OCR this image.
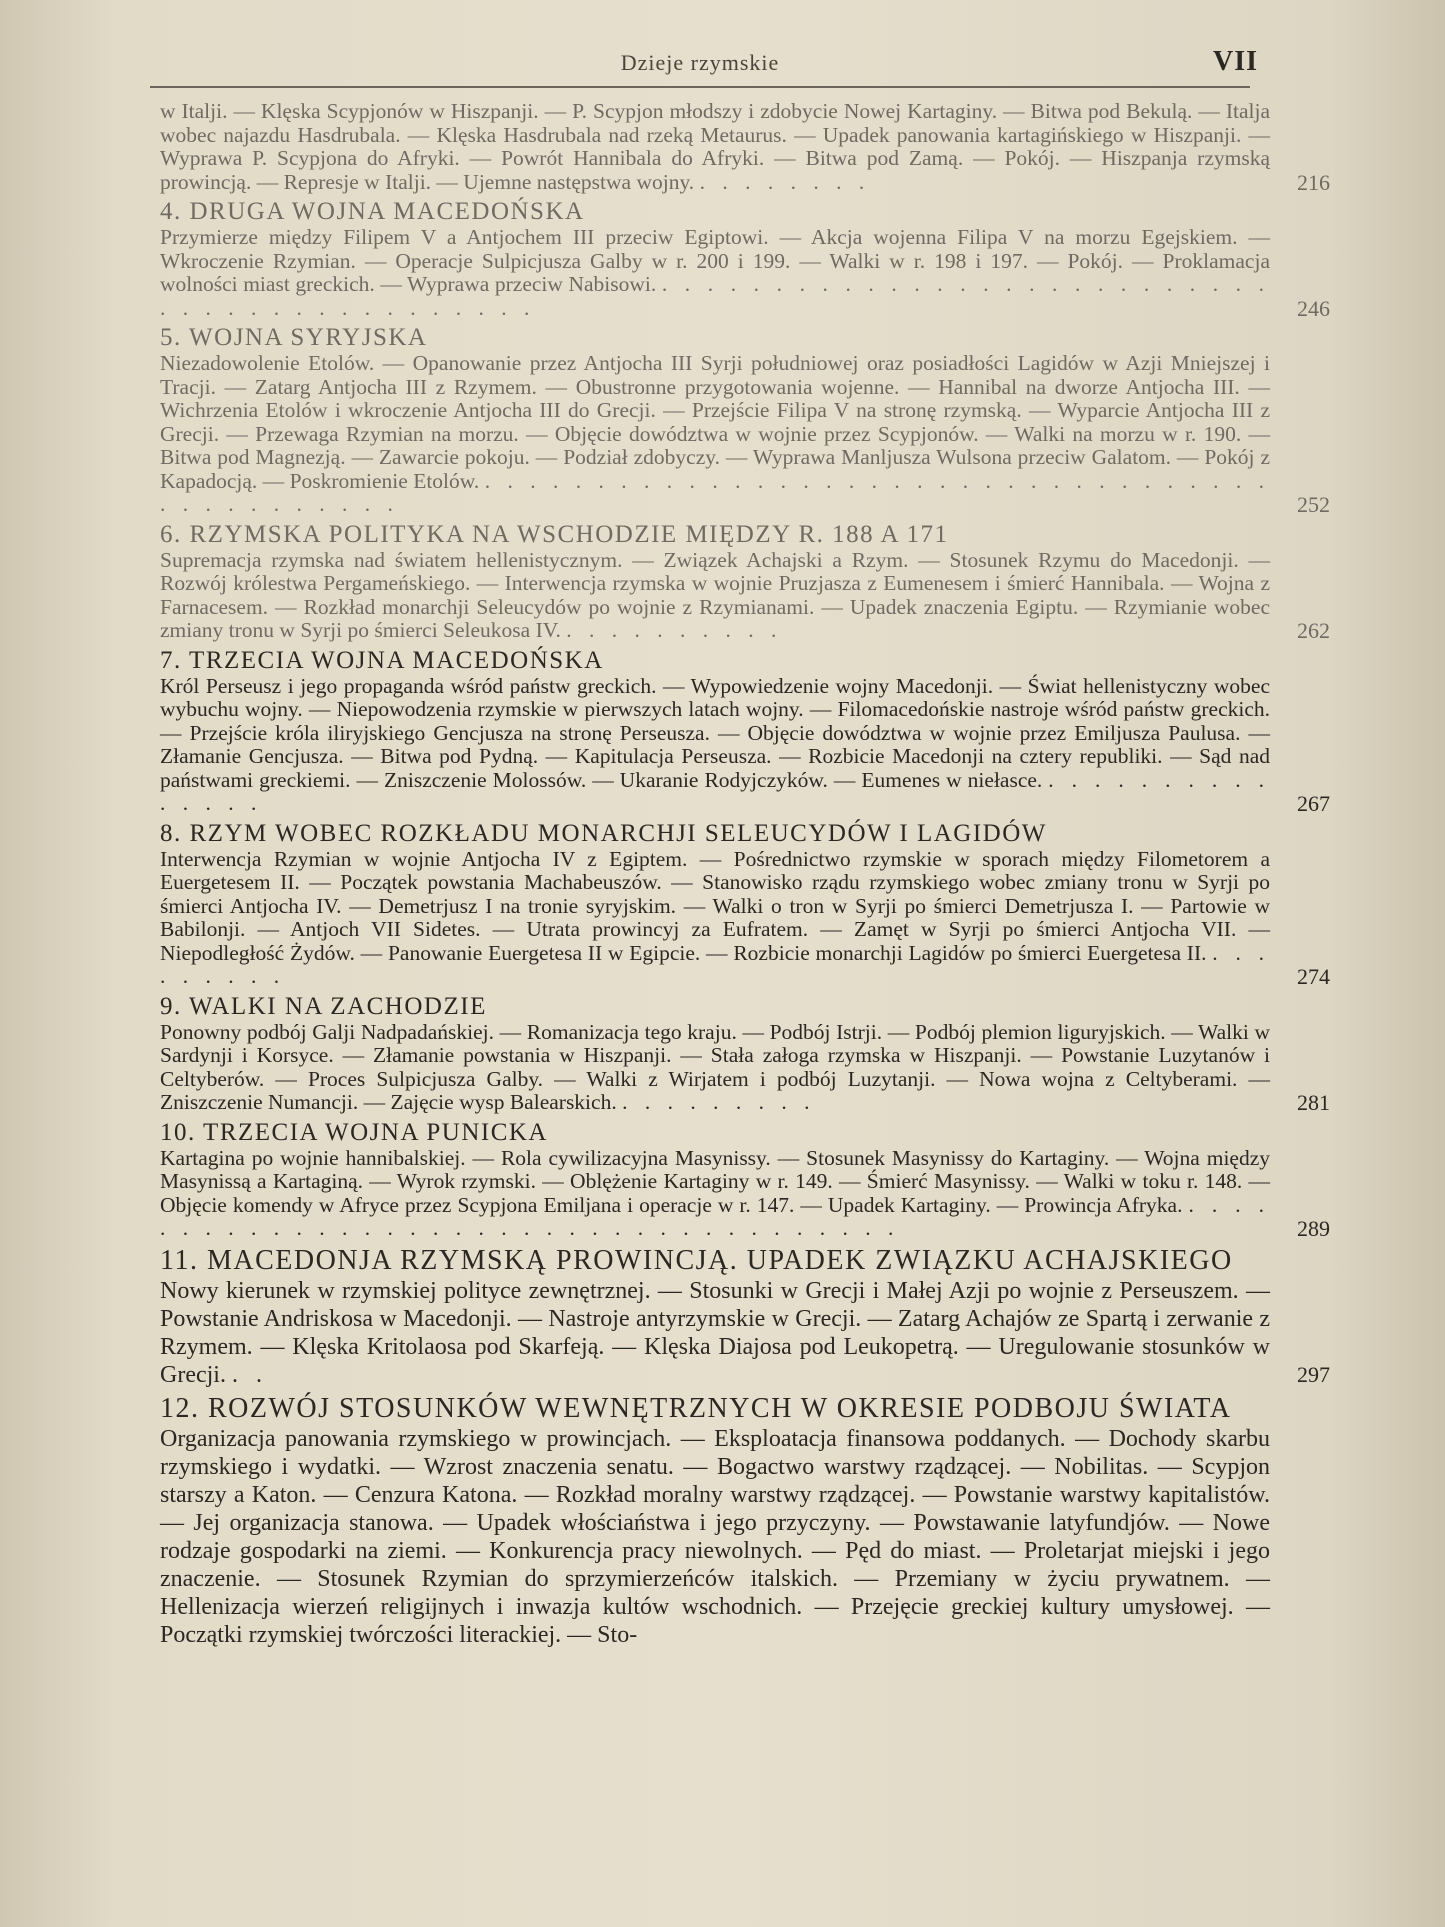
Dzieje rzymskie	VII
w Italji. — Klęska Scypjonów w Hiszpanji. — P. Scypjon młodszy i zdobycie Nowej Kartaginy. — Bitwa pod Bekulą. — Italja wobec najazdu Hasdrubala. — Klęska Hasdrubala nad rzeką Metaurus. — Upadek panowania kartagińskiego w Hiszpanji. — Wyprawa P. Scypjona do Afryki. — Powrót Hannibala do Afryki. — Bitwa pod Zamą. — Pokój. — Hiszpanja rzymską prowincją. — Represje w Italji. — Ujemne następstwa wojny. . . . . . . . .	216
4. DRUGA WOJNA MACEDOŃSKA
Przymierze między Filipem V a Antjochem III przeciw Egiptowi. — Akcja wojenna Filipa V na morzu Egejskiem. — Wkroczenie Rzymian. — Operacje Sulpicjusza Galby w r. 200 i 199. — Walki w r. 198 i 197. — Pokój. — Proklamacja wolności miast greckich. — Wyprawa przeciw Nabisowi. . . . . . . . . . . . . . . . . . . . . . . . . . . . . . . . . . . . . . . . . . . . .	246
5. WOJNA SYRYJSKA
Niezadowolenie Etolów. — Opanowanie przez Antjocha III Syrji południowej oraz posiadłości Lagidów w Azji Mniejszej i Tracji. — Zatarg Antjocha III z Rzymem. — Obustronne przygotowania wojenne. — Hannibal na dworze Antjocha III. — Wichrzenia Etolów i wkroczenie Antjocha III do Grecji. — Przejście Filipa V na stronę rzymską. — Wyparcie Antjocha III z Grecji. — Przewaga Rzymian na morzu. — Objęcie dowództwa w wojnie przez Scypjonów. — Walki na morzu w r. 190. — Bitwa pod Magnezją. — Zawarcie pokoju. — Podział zdobyczy. — Wyprawa Manljusza Wulsona przeciw Galatom. — Pokój z Kapadocją. — Poskromienie Etolów. . . . . . . . . . . . . . . . . . . . . . . . . . . . . . . . . . . . . . . . . . . . . . .	252
6. RZYMSKA POLITYKA NA WSCHODZIE MIĘDZY R. 188 A 171
Supremacja rzymska nad światem hellenistycznym. — Związek Achajski a Rzym. — Stosunek Rzymu do Macedonji. — Rozwój królestwa Pergameńskiego. — Interwencja rzymska w wojnie Pruzjasza z Eumenesem i śmierć Hannibala. — Wojna z Farnacesem. — Rozkład monarchji Seleucydów po wojnie z Rzymianami. — Upadek znaczenia Egiptu. — Rzymianie wobec zmiany tronu w Syrji po śmierci Seleukosa IV. . . . . . . . . . .	262
7. TRZECIA WOJNA MACEDOŃSKA
Król Perseusz i jego propaganda wśród państw greckich. — Wypowiedzenie wojny Macedonji. — Świat hellenistyczny wobec wybuchu wojny. — Niepowodzenia rzymskie w pierwszych latach wojny. — Filomacedońskie nastroje wśród państw greckich. — Przejście króla iliryjskiego Gencjusza na stronę Perseusza. — Objęcie dowództwa w wojnie przez Emiljusza Paulusa. — Złamanie Gencjusza. — Bitwa pod Pydną. — Kapitulacja Perseusza. — Rozbicie Macedonji na cztery republiki. — Sąd nad państwami greckiemi. — Zniszczenie Molossów. — Ukaranie Rodyjczyków. — Eumenes w niełasce. . . . . . . . . . . . . . . .	267
8. RZYM WOBEC ROZKŁADU MONARCHJI SELEUCYDÓW I LAGIDÓW
Interwencja Rzymian w wojnie Antjocha IV z Egiptem. — Pośrednictwo rzymskie w sporach między Filometorem a Euergetesem II. — Początek powstania Machabeuszów. — Stanowisko rządu rzymskiego wobec zmiany tronu w Syrji po śmierci Antjocha IV. — Demetrjusz I na tronie syryjskim. — Walki o tron w Syrji po śmierci Demetrjusza I. — Partowie w Babilonji. — Antjoch VII Sidetes. — Utrata prowincyj za Eufratem. — Zamęt w Syrji po śmierci Antjocha VII. — Niepodległość Żydów. — Panowanie Euergetesa II w Egipcie. — Rozbicie monarchji Lagidów po śmierci Euergetesa II. . . . . . . . . .	274
9. WALKI NA ZACHODZIE
Ponowny podbój Galji Nadpadańskiej. — Romanizacja tego kraju. — Podbój Istrji. — Podbój plemion liguryjskich. — Walki w Sardynji i Korsyce. — Złamanie powstania w Hiszpanji. — Stała załoga rzymska w Hiszpanji. — Powstanie Luzytanów i Celtyberów. — Proces Sulpicjusza Galby. — Walki z Wirjatem i podbój Luzytanji. — Nowa wojna z Celtyberami. — Zniszczenie Numancji. — Zajęcie wysp Balearskich. . . . . . . . . .	281
10. TRZECIA WOJNA PUNICKA
Kartagina po wojnie hannibalskiej. — Rola cywilizacyjna Masynissy. — Stosunek Masynissy do Kartaginy. — Wojna między Masynissą a Kartaginą. — Wyrok rzymski. — Oblężenie Kartaginy w r. 149. — Śmierć Masynissy. — Walki w toku r. 148. — Objęcie komendy w Afryce przez Scypjona Emiljana i operacje w r. 147. — Upadek Kartaginy. — Prowincja Afryka. . . . . . . . . . . . . . . . . . . . . . . . . . . . . . . . . . . . . .	289
11. MACEDONJA RZYMSKĄ PROWINCJĄ. UPADEK ZWIĄZKU ACHAJSKIEGO
Nowy kierunek w rzymskiej polityce zewnętrznej. — Stosunki w Grecji i Małej Azji po wojnie z Perseuszem. — Powstanie Andriskosa w Macedonji. — Nastroje antyrzymskie w Grecji. — Zatarg Achajów ze Spartą i zerwanie z Rzymem. — Klęska Kritolaosa pod Skarfeją. — Klęska Diajosa pod Leukopetrą. — Uregulowanie stosunków w Grecji. . .	297
12. ROZWÓJ STOSUNKÓW WEWNĘTRZNYCH W OKRESIE PODBOJU ŚWIATA
Organizacja panowania rzymskiego w prowincjach. — Eksploatacja finansowa poddanych. — Dochody skarbu rzymskiego i wydatki. — Wzrost znaczenia senatu. — Bogactwo warstwy rządzącej. — Nobilitas. — Scypjon starszy a Katon. — Cenzura Katona. — Rozkład moralny warstwy rządzącej. — Powstanie warstwy kapitalistów. — Jej organizacja stanowa. — Upadek włościaństwa i jego przyczyny. — Powstawanie latyfundjów. — Nowe rodzaje gospodarki na ziemi. — Konkurencja pracy niewolnych. — Pęd do miast. — Proletarjat miejski i jego znaczenie. — Stosunek Rzymian do sprzymierzeńców italskich. — Przemiany w życiu prywatnem. — Hellenizacja wierzeń religijnych i inwazja kultów wschodnich. — Przejęcie greckiej kultury umysłowej. — Początki rzymskiej twórczości literackiej. — Sto-
